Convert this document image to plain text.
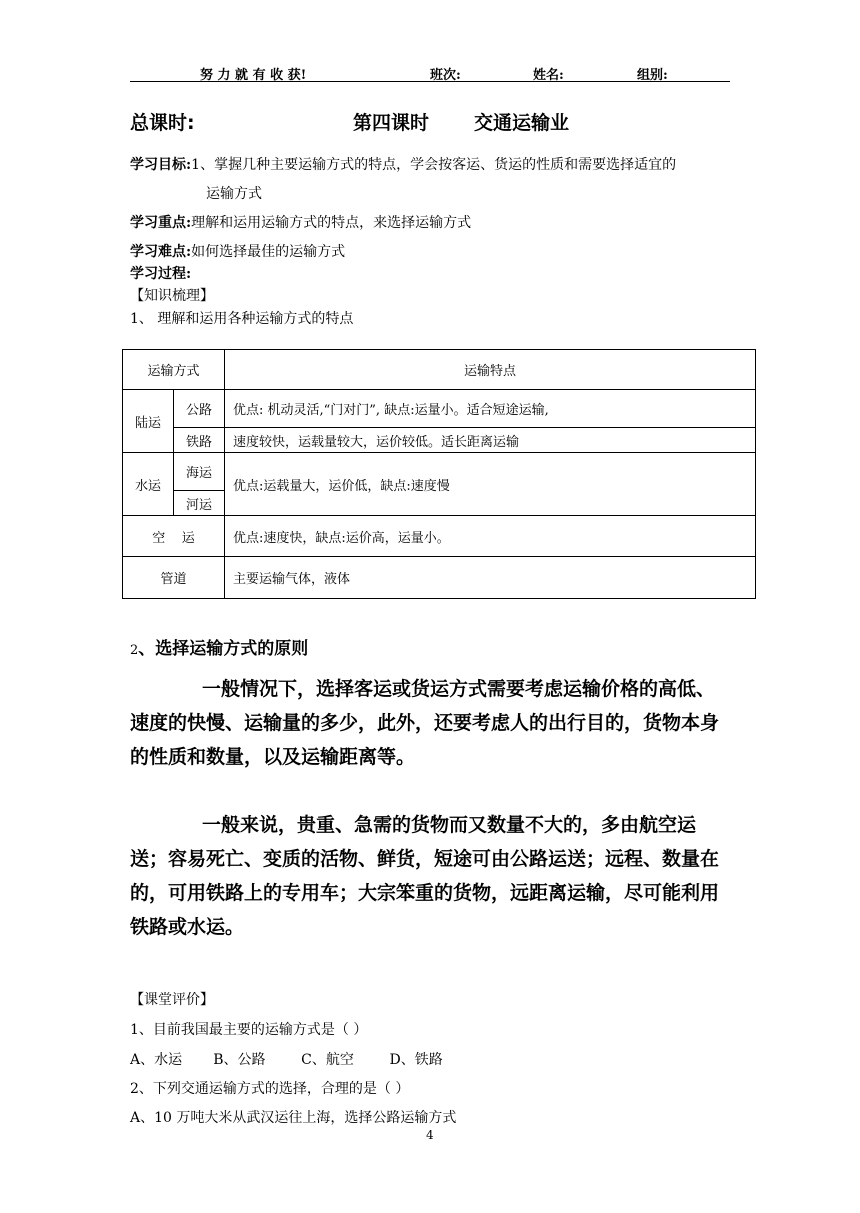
努 力 就 有 收 获!	班次:	姓名:	组别:
总课时:	第四课时 交通运输业
学习目标:1、掌握几种主要运输方式的特点，学会按客运、货运的性质和需要选择适宜的
运输方式
学习重点:理解和运用运输方式的特点，来选择运输方式
学习难点:如何选择最佳的运输方式
学习过程:
【知识梳理】
1、 理解和运用各种运输方式的特点
运输方式		运输特点
陆运	公路	优点: 机动灵活,“门对门”, 缺点:运量小。适合短途运输,
	铁路	速度较快，运载量较大，运价较低。适长距离运输
水运	海运	优点:运载量大，运价低，缺点:速度慢
	河运	
空    运		优点:速度快，缺点:运价高，运量小。
管道		主要运输气体，液体
2、选择运输方式的原则
一般情况下，选择客运或货运方式需要考虑运输价格的高低、速度的快慢、运输量的多少，此外，还要考虑人的出行目的，货物本身的性质和数量，以及运输距离等。
一般来说，贵重、急需的货物而又数量不大的，多由航空运送；容易死亡、变质的活物、鲜货，短途可由公路运送；远程、数量在的，可用铁路上的专用车；大宗笨重的货物，远距离运输，尽可能利用铁路或水运。
【课堂评价】
1、目前我国最主要的运输方式是（ ）
A、水运       B、公路        C、航空        D、铁路
2、下列交通运输方式的选择，合理的是（ ）
A、10 万吨大米从武汉运往上海，选择公路运输方式
4
